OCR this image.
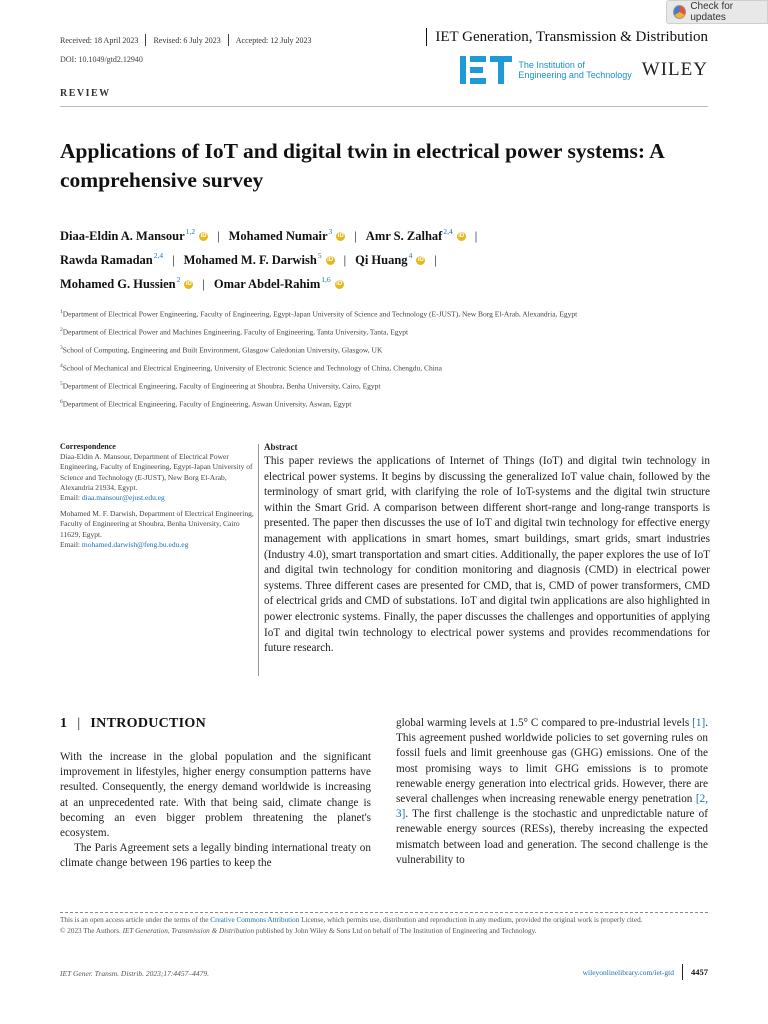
Check for updates
Received: 18 April 2023 Revised: 6 July 2023 Accepted: 12 July 2023	IET Generation, Transmission & Distribution
DOI: 10.1049/gtd2.12940
The Institution of
Engineering and Technology WILEY
REVIEW
Applications of IoT and digital twin in electrical power systems: A comprehensive survey
Diaa-Eldin A. Mansour$^{1,2}$ iD | Mohamed Numair$^3$ iD | Amr S. Zalhaf$^{2,4}$ iD |

Rawda Ramadan$^{2,4}$ | Mohamed M. F. Darwish$^5$ iD | Qi Huang$^4$ iD |

Mohamed G. Hussien$^2$ iD | Omar Abdel-Rahim$^{1,6}$ iD
$^1$Department of Electrical Power Engineering, Faculty of Engineering, Egypt-Japan University of Science and Technology (E-JUST), New Borg El-Arab, Alexandria, Egypt
$^2$Department of Electrical Power and Machines Engineering, Faculty of Engineering, Tanta University, Tanta, Egypt
$^3$School of Computing, Engineering and Built Environment, Glasgow Caledonian University, Glasgow, UK
$^4$School of Mechanical and Electrical Engineering, University of Electronic Science and Technology of China, Chengdu, China
$^5$Department of Electrical Engineering, Faculty of Engineering at Shoubra, Benha University, Cairo, Egypt
$^6$Department of Electrical Engineering, Faculty of Engineering, Aswan University, Aswan, Egypt
Correspondence
Diaa-Eldin A. Mansour, Department of Electrical Power Engineering, Faculty of Engineering, Egypt-Japan University of Science and Technology (E-JUST), New Borg El-Arab, Alexandria 21934, Egypt.
Email: diaa.mansour@ejust.edu.eg
Mohamed M. F. Darwish, Department of Electrical Engineering, Faculty of Engineering at Shoubra, Benha University, Cairo 11629, Egypt.
Email: mohamed.darwish@feng.bu.edu.eg
Abstract
This paper reviews the applications of Internet of Things (IoT) and digital twin technology in electrical power systems. It begins by discussing the generalized IoT value chain, followed by the terminology of smart grid, with clarifying the role of IoT-systems and the digital twin structure within the Smart Grid. A comparison between different short-range and long-range transports is presented. The paper then discusses the use of IoT and digital twin technology for effective energy management with applications in smart homes, smart buildings, smart grids, smart industries (Industry 4.0), smart transportation and smart cities. Additionally, the paper explores the use of IoT and digital twin technology for condition monitoring and diagnosis (CMD) in electrical power systems. Three different cases are presented for CMD, that is, CMD of power transformers, CMD of electrical grids and CMD of substations. IoT and digital twin applications are also highlighted in power electronic systems. Finally, the paper discusses the challenges and opportunities of applying IoT and digital twin technology to electrical power systems and provides recommendations for future research.
1 | INTRODUCTION
With the increase in the global population and the significant improvement in lifestyles, higher energy consumption patterns have resulted. Consequently, the energy demand worldwide is increasing at an unprecedented rate. With that being said, climate change is becoming an even bigger problem threatening the planet's ecosystem.
The Paris Agreement sets a legally binding international treaty on climate change between 196 parties to keep the
global warming levels at 1.5° C compared to pre-industrial levels [1]. This agreement pushed worldwide policies to set governing rules on fossil fuels and limit greenhouse gas (GHG) emissions. One of the most promising ways to limit GHG emissions is to promote renewable energy generation into electrical grids. However, there are several challenges when increasing renewable energy penetration [2, 3]. The first challenge is the stochastic and unpredictable nature of renewable energy sources (RESs), thereby increasing the expected mismatch between load and generation. The second challenge is the vulnerability to
This is an open access article under the terms of the Creative Commons Attribution License, which permits use, distribution and reproduction in any medium, provided the original work is properly cited.
© 2023 The Authors. IET Generation, Transmission & Distribution published by John Wiley & Sons Ltd on behalf of The Institution of Engineering and Technology.
IET Gener. Transm. Distrib. 2023;17:4457–4479.	wileyonlinelibrary.com/iet-gtd 4457
